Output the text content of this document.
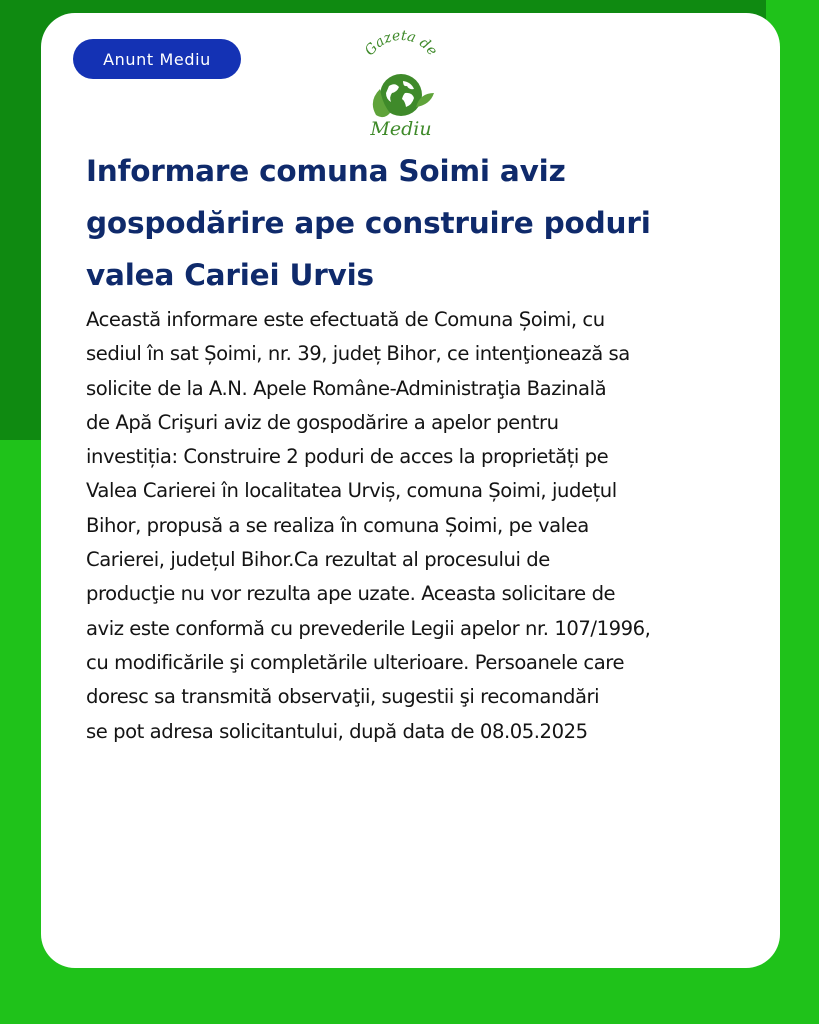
Anunt Mediu
Gazeta de
Mediu
Informare comuna Soimi aviz
gospodărire ape construire poduri
valea Cariei Urvis

Această informare este efectuată de Comuna Șoimi, cu
sediul în sat Șoimi, nr. 39, județ Bihor, ce intenţionează sa
solicite de la A.N. Apele Române-Administraţia Bazinală
de Apă Crişuri aviz de gospodărire a apelor pentru
investiția: Construire 2 poduri de acces la proprietăți pe
Valea Carierei în localitatea Urviș, comuna Șoimi, județul
Bihor, propusă a se realiza în comuna Șoimi, pe valea
Carierei, județul Bihor.Ca rezultat al procesului de
producţie nu vor rezulta ape uzate. Aceasta solicitare de
aviz este conformă cu prevederile Legii apelor nr. 107/1996,
cu modificările şi completările ulterioare. Persoanele care
doresc sa transmită observaţii, sugestii şi recomandări
se pot adresa solicitantului, după data de 08.05.2025
